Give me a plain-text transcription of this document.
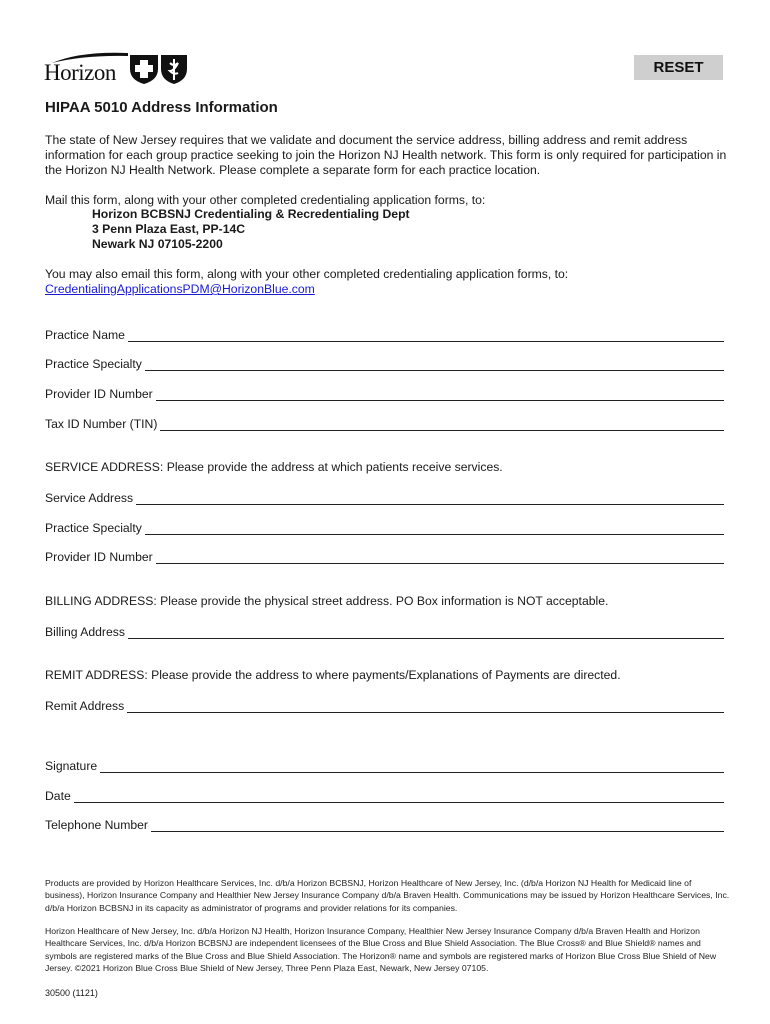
Horizon	RESET
HIPAA 5010 Address Information

The state of New Jersey requires that we validate and document the service address, billing address and remit address information for each group practice seeking to join the Horizon NJ Health network. This form is only required for participation in the Horizon NJ Health Network. Please complete a separate form for each practice location.

Mail this form, along with your other completed credentialing application forms, to:

Horizon BCBSNJ Credentialing & Recredentialing Dept
3 Penn Plaza East, PP-14C
Newark NJ 07105-2200

You may also email this form, along with your other completed credentialing application forms, to:
CredentialingApplicationsPDM@HorizonBlue.com

Practice Name
Practice Specialty
Provider ID Number
Tax ID Number (TIN)

SERVICE ADDRESS: Please provide the address at which patients receive services.

Service Address
Practice Specialty
Provider ID Number

BILLING ADDRESS: Please provide the physical street address. PO Box information is NOT acceptable.

Billing Address

REMIT ADDRESS: Please provide the address to where payments/Explanations of Payments are directed.

Remit Address
Signature
Date
Telephone Number

Products are provided by Horizon Healthcare Services, Inc. d/b/a Horizon BCBSNJ, Horizon Healthcare of New Jersey, Inc. (d/b/a Horizon NJ Health for Medicaid line of business), Horizon Insurance Company and Healthier New Jersey Insurance Company d/b/a Braven Health. Communications may be issued by Horizon Healthcare Services, Inc. d/b/a Horizon BCBSNJ in its capacity as administrator of programs and provider relations for its companies.

Horizon Healthcare of New Jersey, Inc. d/b/a Horizon NJ Health, Horizon Insurance Company, Healthier New Jersey Insurance Company d/b/a Braven Health and Horizon Healthcare Services, Inc. d/b/a Horizon BCBSNJ are independent licensees of the Blue Cross and Blue Shield Association. The Blue Cross® and Blue Shield® names and symbols are registered marks of the Blue Cross and Blue Shield Association. The Horizon® name and symbols are registered marks of Horizon Blue Cross Blue Shield of New Jersey. ©2021 Horizon Blue Cross Blue Shield of New Jersey, Three Penn Plaza East, Newark, New Jersey 07105.

30500 (1121)
